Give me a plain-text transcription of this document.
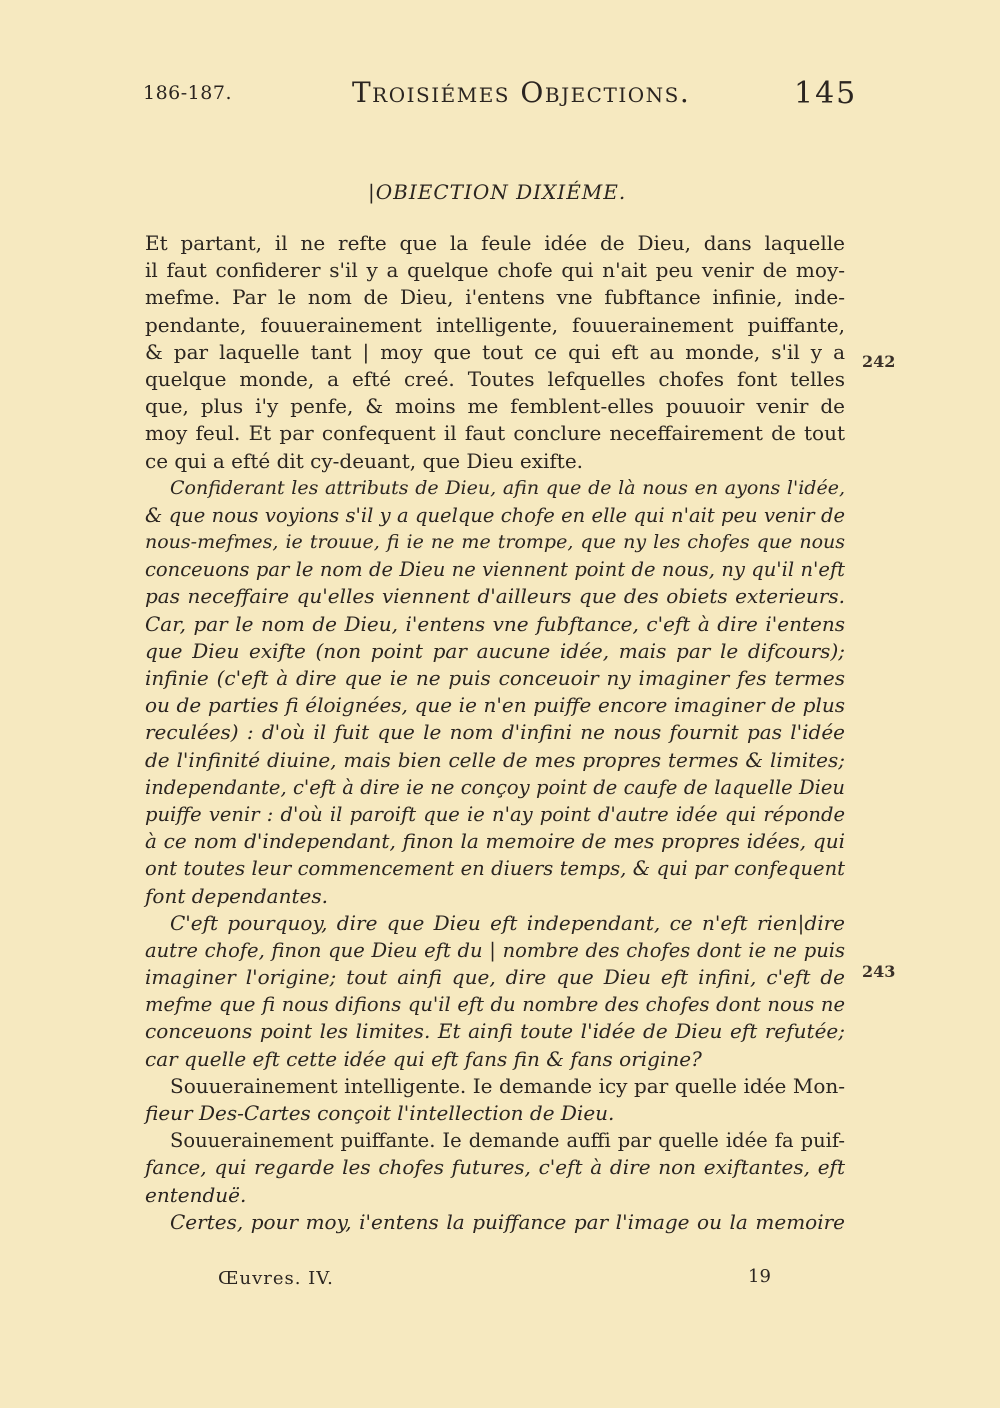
186-187.	Troisiémes Objections.	145
|OBIECTION DIXIÉME.
Et partant, il ne refte que la feule idée de Dieu, dans laquelle
il faut confiderer s'il y a quelque chofe qui n'ait peu venir de moy-
mefme. Par le nom de Dieu, i'entens vne fubftance infinie, inde-
pendante, fouuerainement intelligente, fouuerainement puiffante,
& par laquelle tant | moy que tout ce qui eft au monde, s'il y a
quelque monde, a efté creé. Toutes lefquelles chofes font telles
que, plus i'y penfe, & moins me femblent-elles pouuoir venir de
moy feul. Et par confequent il faut conclure neceffairement de tout
ce qui a efté dit cy-deuant, que Dieu exifte.
Confiderant les attributs de Dieu, afin que de là nous en ayons l'idée,
& que nous voyions s'il y a quelque chofe en elle qui n'ait peu venir de
nous-mefmes, ie trouue, fi ie ne me trompe, que ny les chofes que nous
conceuons par le nom de Dieu ne viennent point de nous, ny qu'il n'eft
pas neceffaire qu'elles viennent d'ailleurs que des obiets exterieurs.
Car, par le nom de Dieu, i'entens vne fubftance, c'eft à dire i'entens
que Dieu exifte (non point par aucune idée, mais par le difcours);
infinie (c'eft à dire que ie ne puis conceuoir ny imaginer fes termes
ou de parties fi éloignées, que ie n'en puiffe encore imaginer de plus
reculées) : d'où il fuit que le nom d'infini ne nous fournit pas l'idée
de l'infinité diuine, mais bien celle de mes propres termes & limites;
independante, c'eft à dire ie ne conçoy point de caufe de laquelle Dieu
puiffe venir : d'où il paroift que ie n'ay point d'autre idée qui réponde
à ce nom d'independant, finon la memoire de mes propres idées, qui
ont toutes leur commencement en diuers temps, & qui par confequent
font dependantes.
C'eft pourquoy, dire que Dieu eft independant, ce n'eft rien|dire
autre chofe, finon que Dieu eft du | nombre des chofes dont ie ne puis
imaginer l'origine; tout ainfi que, dire que Dieu eft infini, c'eft de
mefme que fi nous difions qu'il eft du nombre des chofes dont nous ne
conceuons point les limites. Et ainfi toute l'idée de Dieu eft refutée;
car quelle eft cette idée qui eft fans fin & fans origine?
Souuerainement intelligente. Ie demande icy par quelle idée Mon-
fieur Des-Cartes conçoit l'intellection de Dieu.
Souuerainement puiffante. Ie demande auffi par quelle idée fa puif-
fance, qui regarde les chofes futures, c'eft à dire non exiftantes, eft
entenduë.
Certes, pour moy, i'entens la puiffance par l'image ou la memoire
242
243
Œuvres. IV.	19
